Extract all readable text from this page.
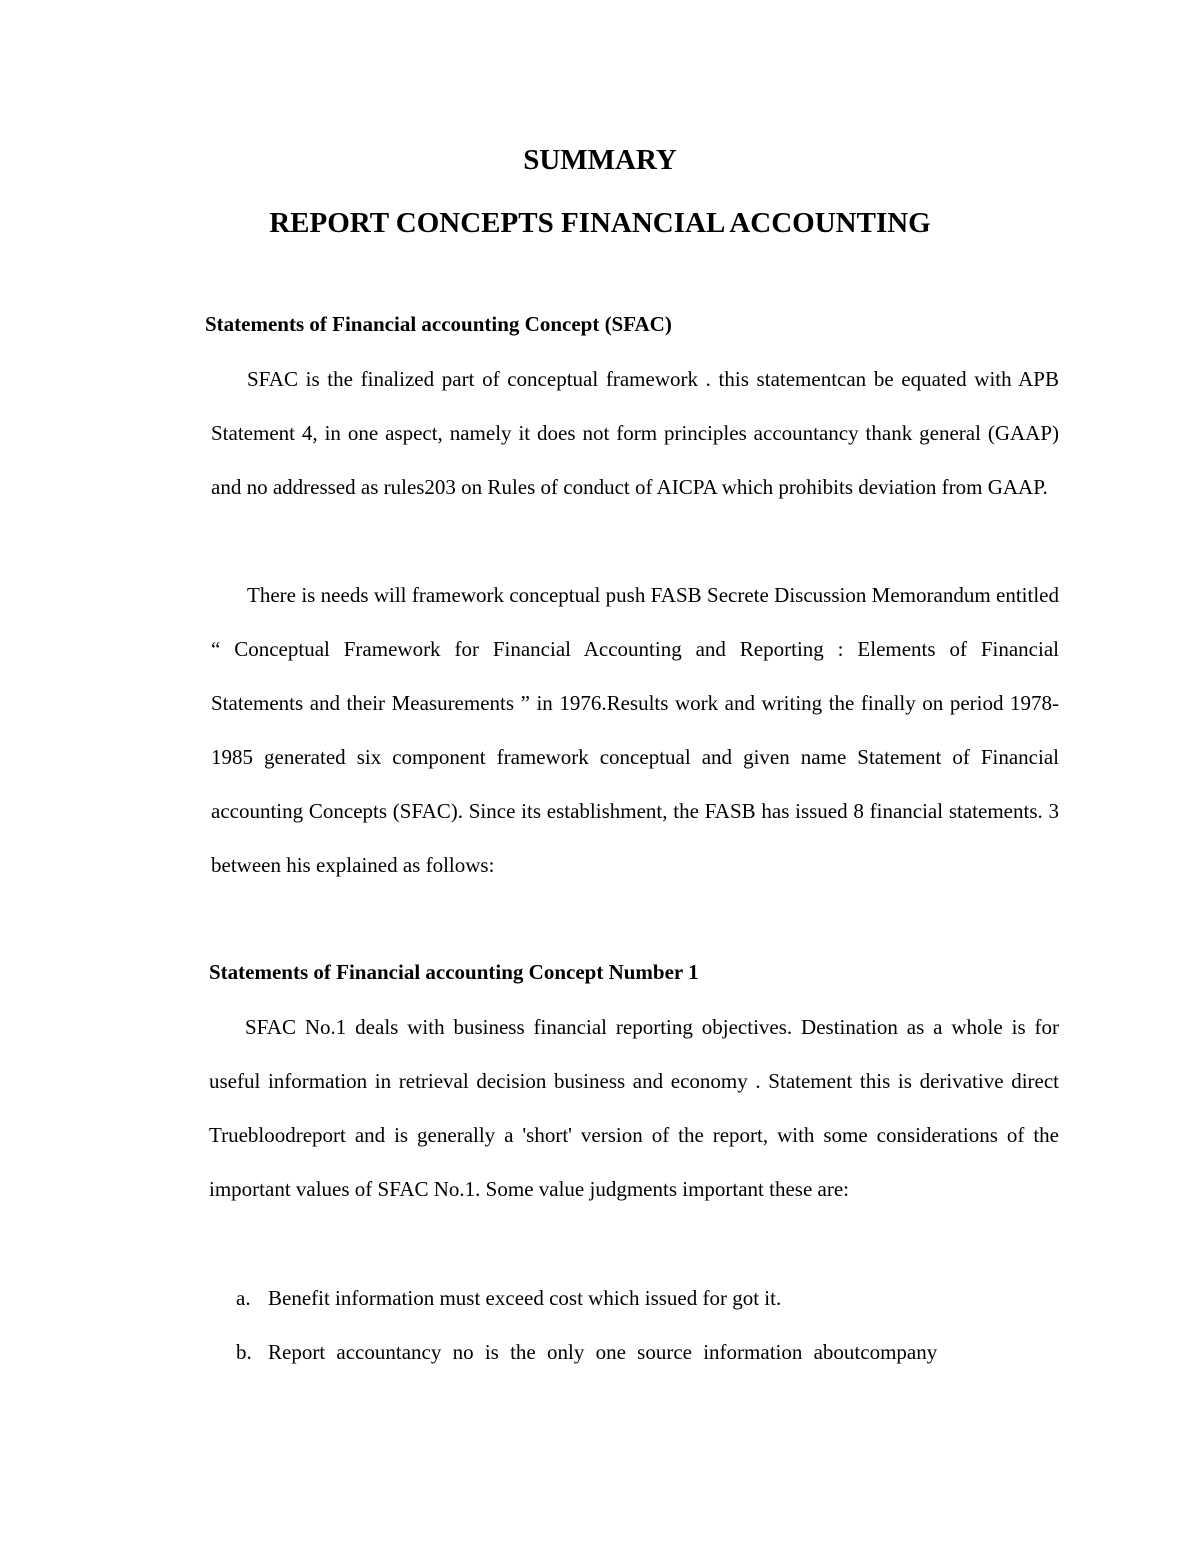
SUMMARY
REPORT CONCEPTS FINANCIAL ACCOUNTING
Statements of Financial accounting Concept (SFAC)

SFAC is the finalized part of conceptual framework . this statementcan be equated with APB Statement 4, in one aspect, namely it does not form principles accountancy thank general (GAAP) and no addressed as rules203 on Rules of conduct of AICPA which prohibits deviation from GAAP.

There is needs will framework conceptual push FASB Secrete Discussion Memorandum entitled “ Conceptual Framework for Financial Accounting and Reporting : Elements of Financial Statements and their Measurements ” in 1976.Results work and writing the finally on period 1978-1985 generated six component framework conceptual and given name Statement of Financial accounting Concepts (SFAC). Since its establishment, the FASB has issued 8 financial statements. 3 between his explained as follows:

Statements of Financial accounting Concept Number 1

SFAC No.1 deals with business financial reporting objectives. Destination as a whole is for useful information in retrieval decision business and economy . Statement this is derivative direct Truebloodreport and is generally a 'short' version of the report, with some considerations of the important values of SFAC No.1. Some value judgments important these are:

a. Benefit information must exceed cost which issued for got it.
b. Report accountancy no is the only one source information aboutcompany
